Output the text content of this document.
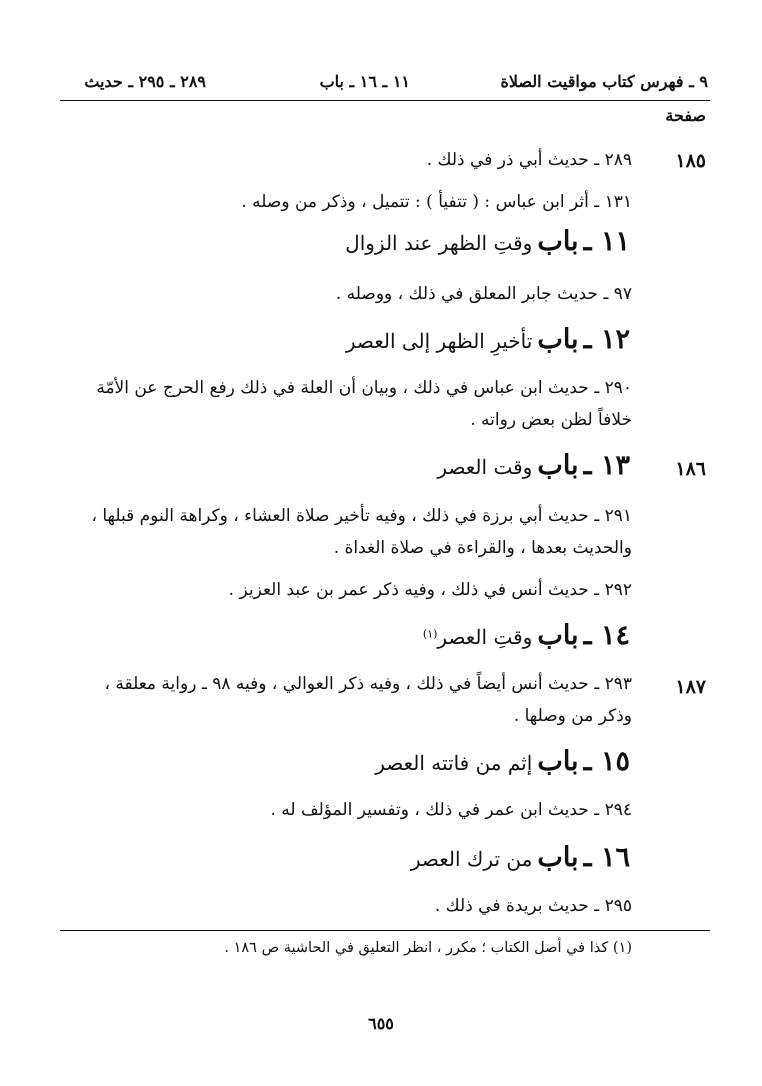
٩ ـ فهرس كتاب مواقيت الصلاة
١١ ـ ١٦ ـ باب
٢٨٩ ـ ٢٩٥ ـ حديث
صفحة
١٨٥
٢٨٩ ـ حديث أبي ذر في ذلك .
١٣١ ـ أثر ابن عباس : ( تتفيأ ) : تتميل ، وذكر من وصله .
١١ ـ باب وقتِ الظهر عند الزوال
٩٧ ـ حديث جابر المعلق في ذلك ، ووصله .
١٢ ـ باب تأخيرِ الظهر إلى العصر
٢٩٠ ـ حديث ابن عباس في ذلك ، وبيان أن العلة في ذلك رفع الحرج عن الأمّة
خلافاً لظن بعض رواته .
١٨٦
١٣ ـ باب وقت العصر
٢٩١ ـ حديث أبي برزة في ذلك ، وفيه تأخير صلاة العشاء ، وكراهة النوم قبلها ،
والحديث بعدها ، والقراءة في صلاة الغداة .
٢٩٢ ـ حديث أنس في ذلك ، وفيه ذكر عمر بن عبد العزيز .
١٤ ـ باب وقتِ العصر$^{(١)}$
١٨٧
٢٩٣ ـ حديث أنس أيضاً في ذلك ، وفيه ذكر العوالي ، وفيه ٩٨ ـ رواية معلقة ،
وذكر من وصلها .
١٥ ـ باب إثم من فاتته العصر
٢٩٤ ـ حديث ابن عمر في ذلك ، وتفسير المؤلف له .
١٦ ـ باب من ترك العصر
٢٩٥ ـ حديث بريدة في ذلك .
(١) كذا في أصل الكتاب ؛ مكرر ، انظر التعليق في الحاشية ص ١٨٦ .
٦٥٥
